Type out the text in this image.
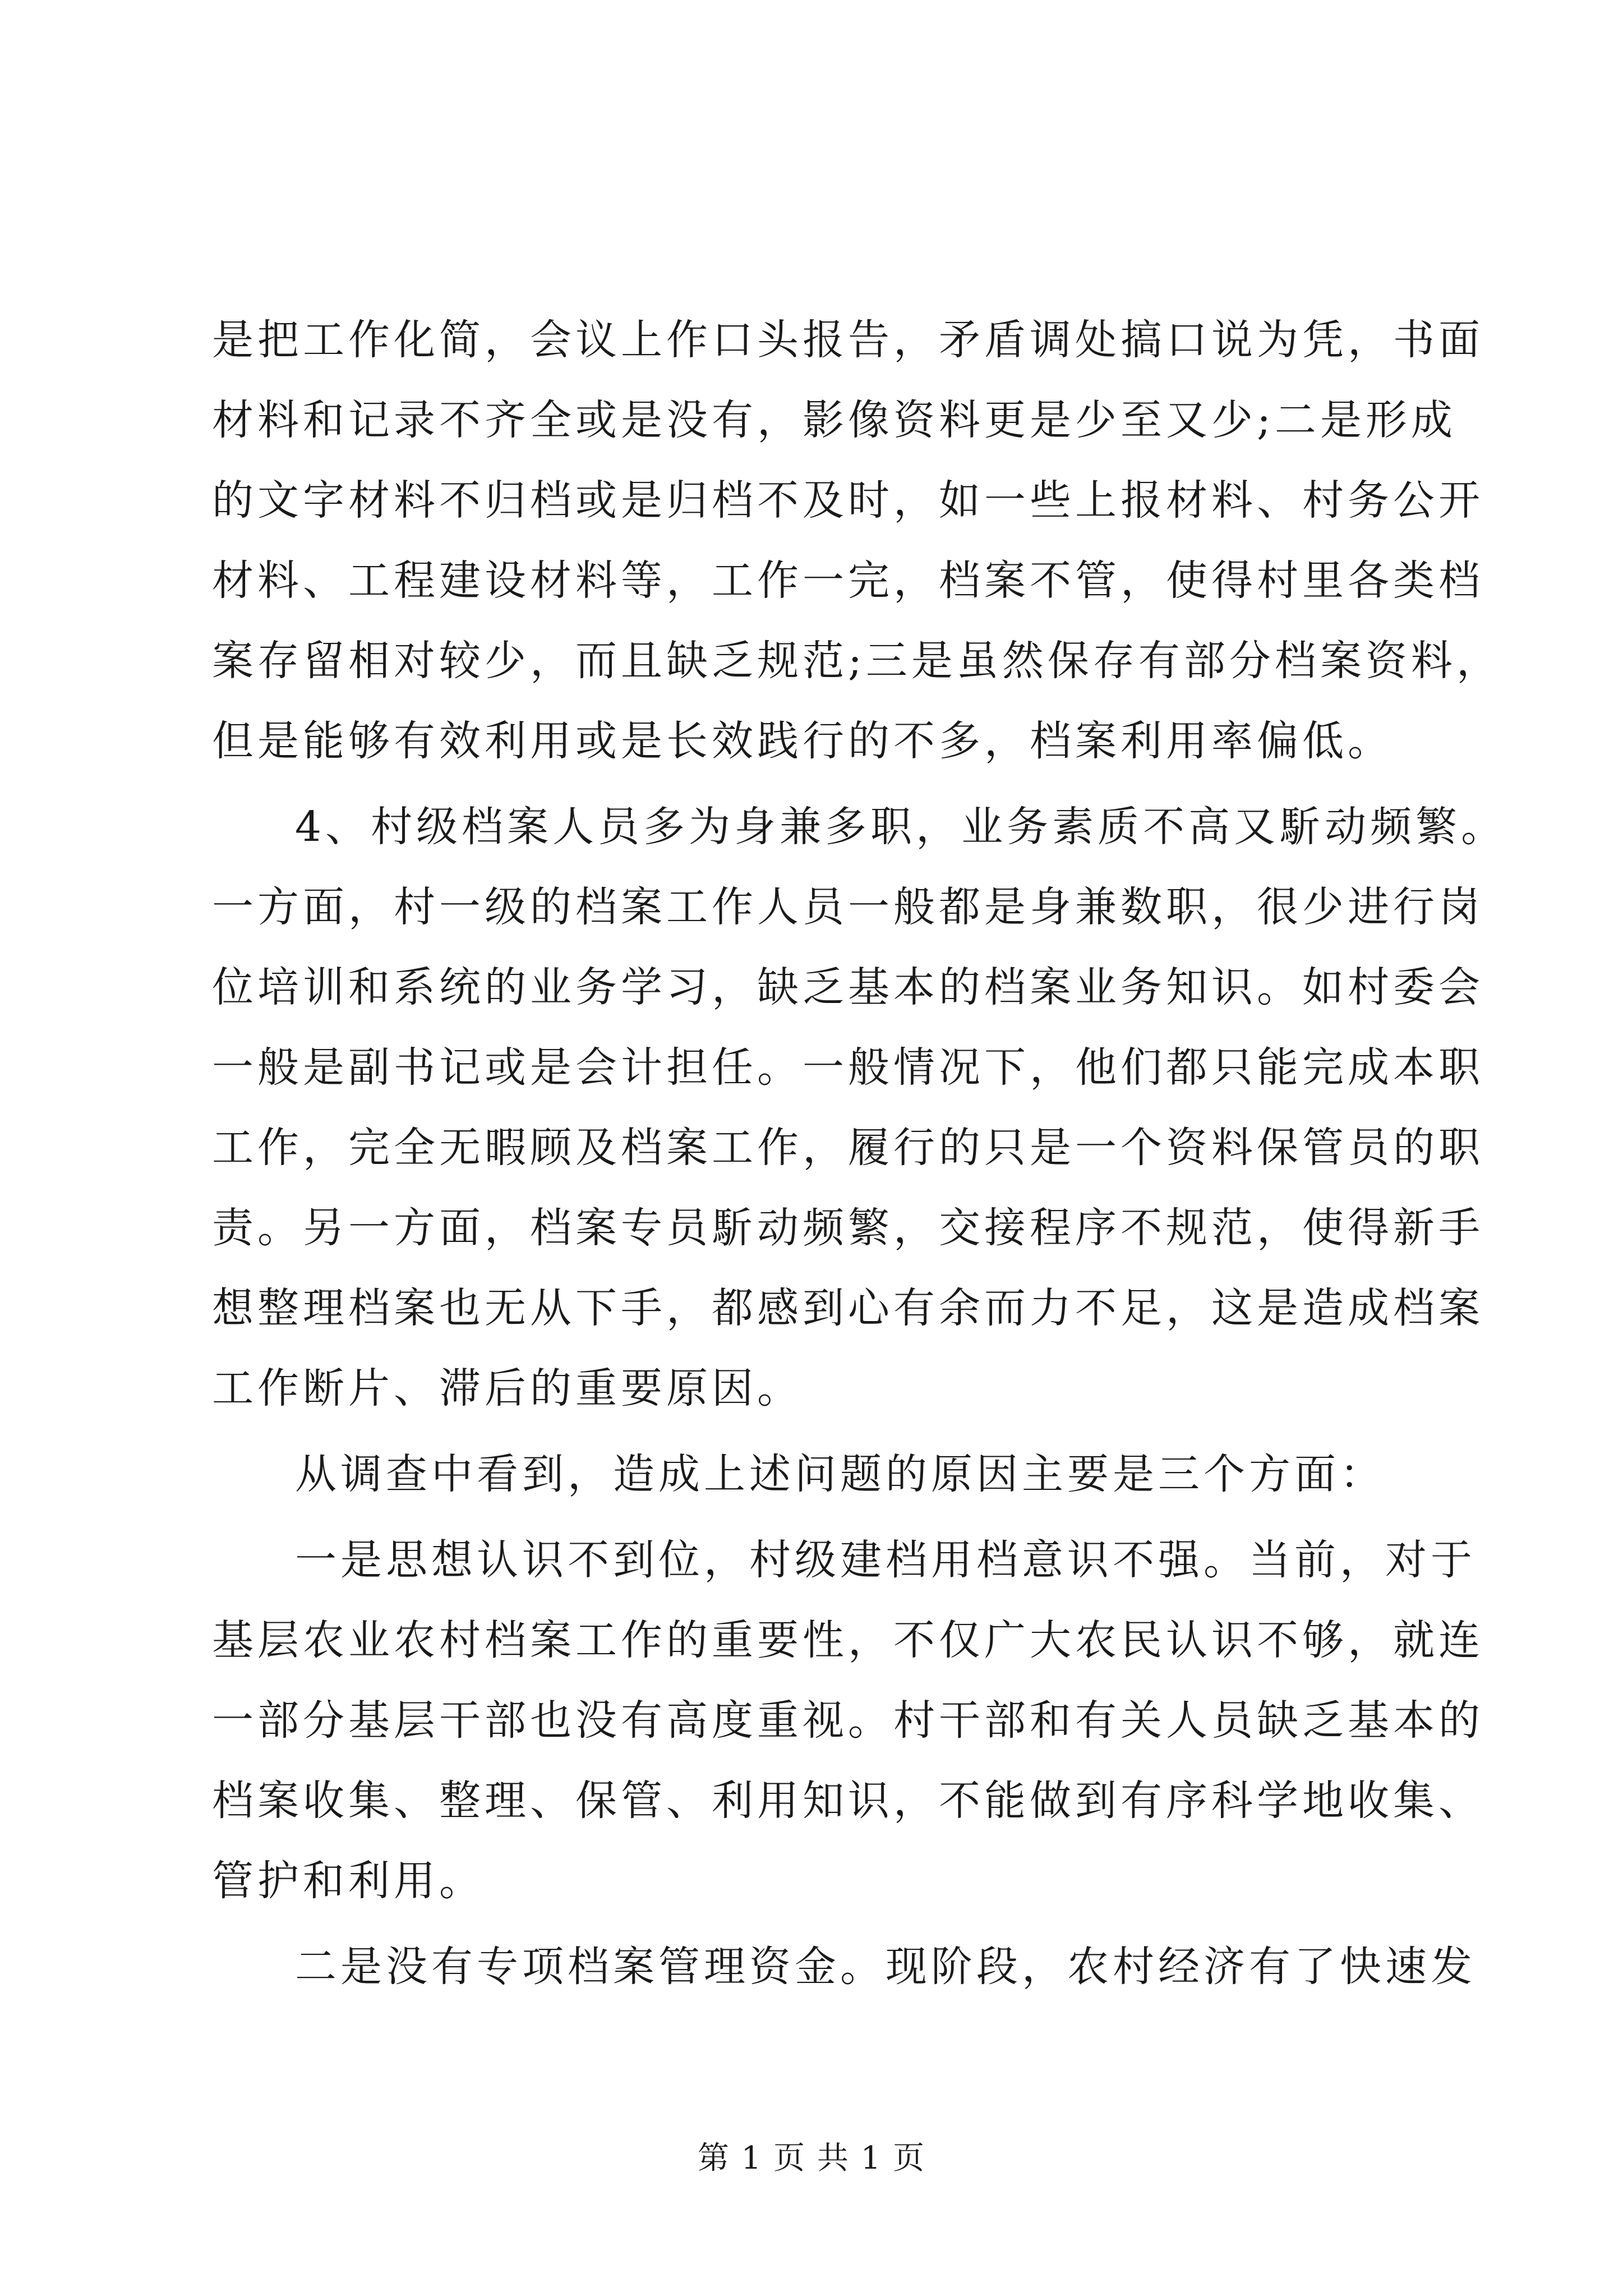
是把工作化简，会议上作口头报告，矛盾调处搞口说为凭，书面
材料和记录不齐全或是没有，影像资料更是少至又少;二是形成
的文字材料不归档或是归档不及时，如一些上报材料、村务公开
材料、工程建设材料等，工作一完，档案不管，使得村里各类档
案存留相对较少，而且缺乏规范;三是虽然保存有部分档案资料，
但是能够有效利用或是长效践行的不多，档案利用率偏低。
4、村级档案人员多为身兼多职，业务素质不高又馸动频繁。
一方面，村一级的档案工作人员一般都是身兼数职，很少进行岗
位培训和系统的业务学习，缺乏基本的档案业务知识。如村委会
一般是副书记或是会计担任。一般情况下，他们都只能完成本职
工作，完全无暇顾及档案工作，履行的只是一个资料保管员的职
责。另一方面，档案专员馸动频繁，交接程序不规范，使得新手
想整理档案也无从下手，都感到心有余而力不足，这是造成档案
工作断片、滞后的重要原因。
从调查中看到，造成上述问题的原因主要是三个方面：
一是思想认识不到位，村级建档用档意识不强。当前，对于
基层农业农村档案工作的重要性，不仅广大农民认识不够，就连
一部分基层干部也没有高度重视。村干部和有关人员缺乏基本的
档案收集、整理、保管、利用知识，不能做到有序科学地收集、
管护和利用。
二是没有专项档案管理资金。现阶段，农村经济有了快速发
第 1 页 共 1 页
